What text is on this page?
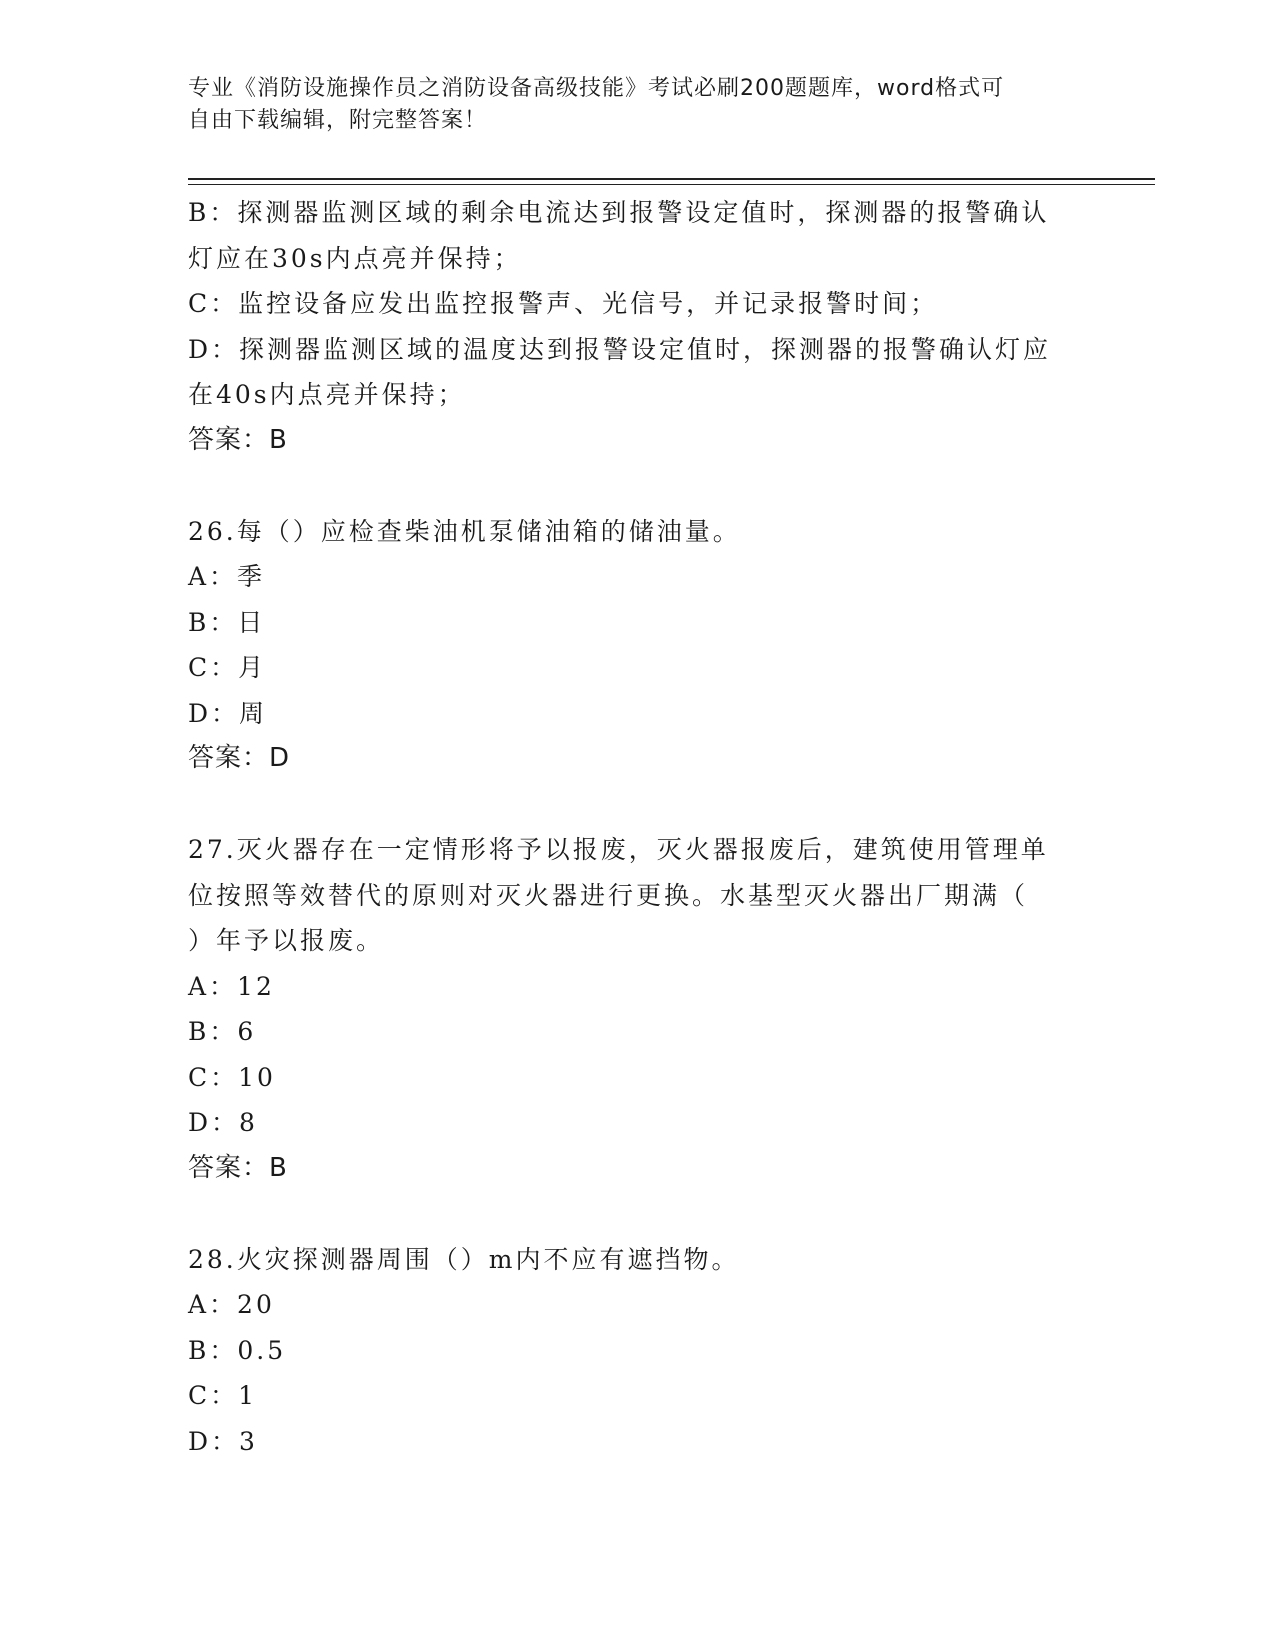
专业《消防设施操作员之消防设备高级技能》考试必刷200题题库，word格式可
自由下载编辑，附完整答案！
B：探测器监测区域的剩余电流达到报警设定值时，探测器的报警确认
灯应在30s内点亮并保持；
C：监控设备应发出监控报警声、光信号，并记录报警时间；
D：探测器监测区域的温度达到报警设定值时，探测器的报警确认灯应
在40s内点亮并保持；
答案：B
26.每（）应检查柴油机泵储油箱的储油量。
A：季
B：日
C：月
D：周
答案：D
27.灭火器存在一定情形将予以报废，灭火器报废后，建筑使用管理单
位按照等效替代的原则对灭火器进行更换。水基型灭火器出厂期满（
）年予以报废。
A：12
B：6
C：10
D：8
答案：B
28.火灾探测器周围（）m内不应有遮挡物。
A：20
B：0.5
C：1
D：3
